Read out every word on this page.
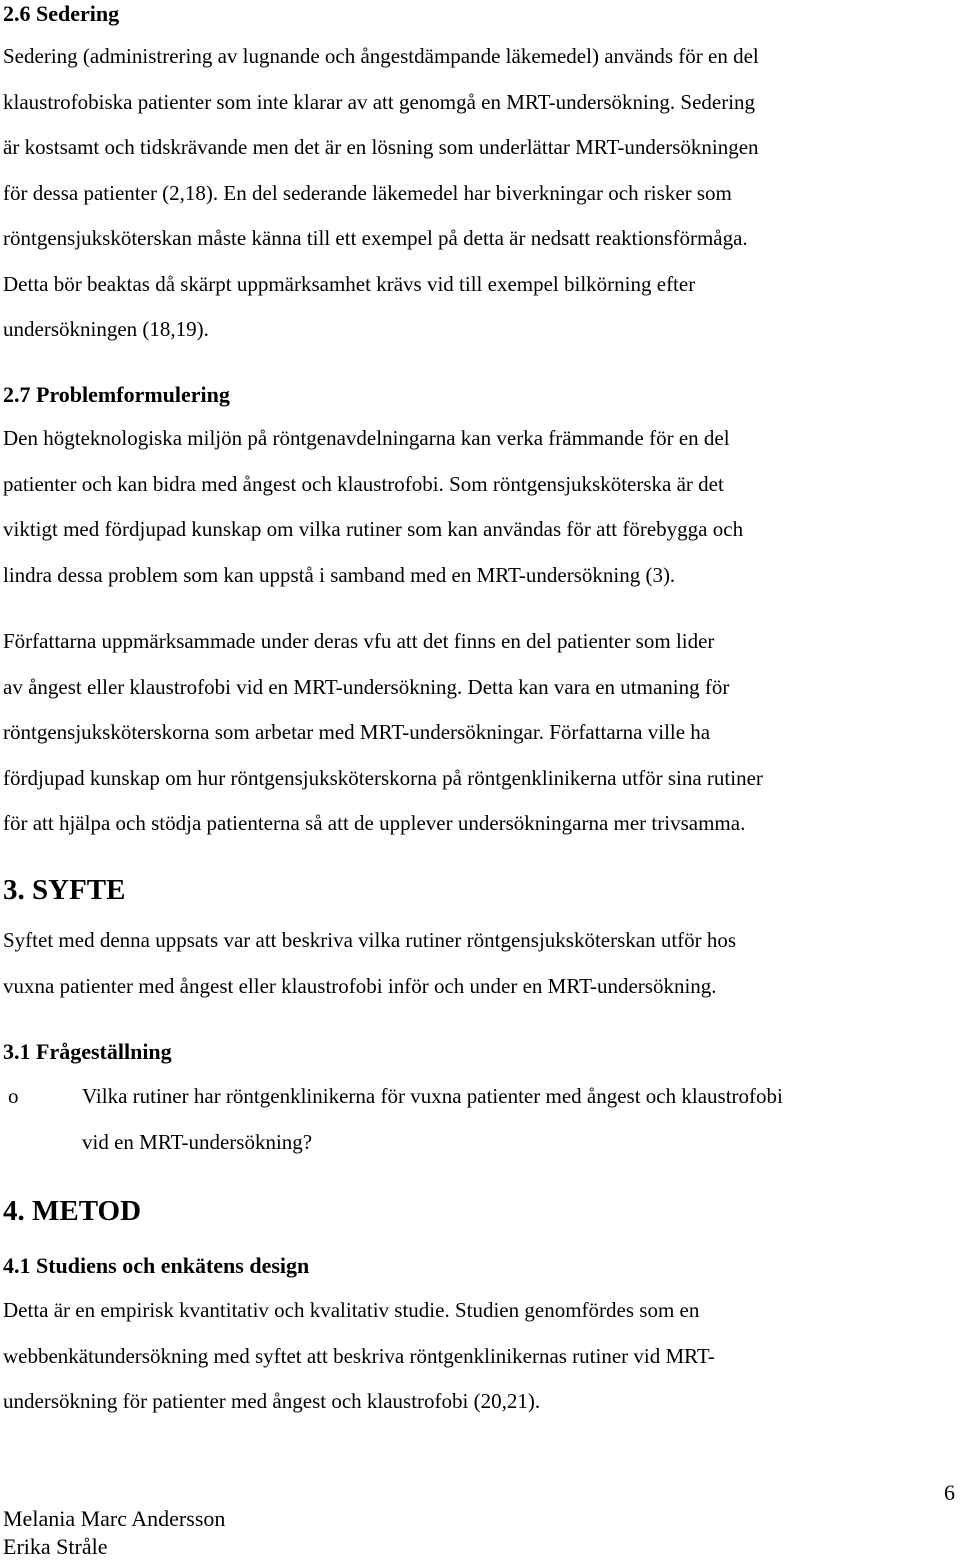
2.6 Sedering
Sedering (administrering av lugnande och ångestdämpande läkemedel) används för en del
klaustrofobiska patienter som inte klarar av att genomgå en MRT-undersökning. Sedering
är kostsamt och tidskrävande men det är en lösning som underlättar MRT-undersökningen
för dessa patienter (2,18). En del sederande läkemedel har biverkningar och risker som
röntgensjuksköterskan måste känna till ett exempel på detta är nedsatt reaktionsförmåga.
Detta bör beaktas då skärpt uppmärksamhet krävs vid till exempel bilkörning efter
undersökningen (18,19).
2.7 Problemformulering
Den högteknologiska miljön på röntgenavdelningarna kan verka främmande för en del
patienter och kan bidra med ångest och klaustrofobi. Som röntgensjuksköterska är det
viktigt med fördjupad kunskap om vilka rutiner som kan användas för att förebygga och
lindra dessa problem som kan uppstå i samband med en MRT-undersökning (3).
Författarna uppmärksammade under deras vfu att det finns en del patienter som lider
av ångest eller klaustrofobi vid en MRT-undersökning. Detta kan vara en utmaning för
röntgensjuksköterskorna som arbetar med MRT-undersökningar. Författarna ville ha
fördjupad kunskap om hur röntgensjuksköterskorna på röntgenklinikerna utför sina rutiner
för att hjälpa och stödja patienterna så att de upplever undersökningarna mer trivsamma.
3. SYFTE
Syftet med denna uppsats var att beskriva vilka rutiner röntgensjuksköterskan utför hos
vuxna patienter med ångest eller klaustrofobi inför och under en MRT-undersökning.
3.1 Frågeställning
o	Vilka rutiner har röntgenklinikerna för vuxna patienter med ångest och klaustrofobi
vid en MRT-undersökning?
4. METOD
4.1 Studiens och enkätens design
Detta är en empirisk kvantitativ och kvalitativ studie. Studien genomfördes som en
webbenkätundersökning med syftet att beskriva röntgenklinikernas rutiner vid MRT-
undersökning för patienter med ångest och klaustrofobi (20,21).
Melania Marc Andersson
Erika Stråle
6
